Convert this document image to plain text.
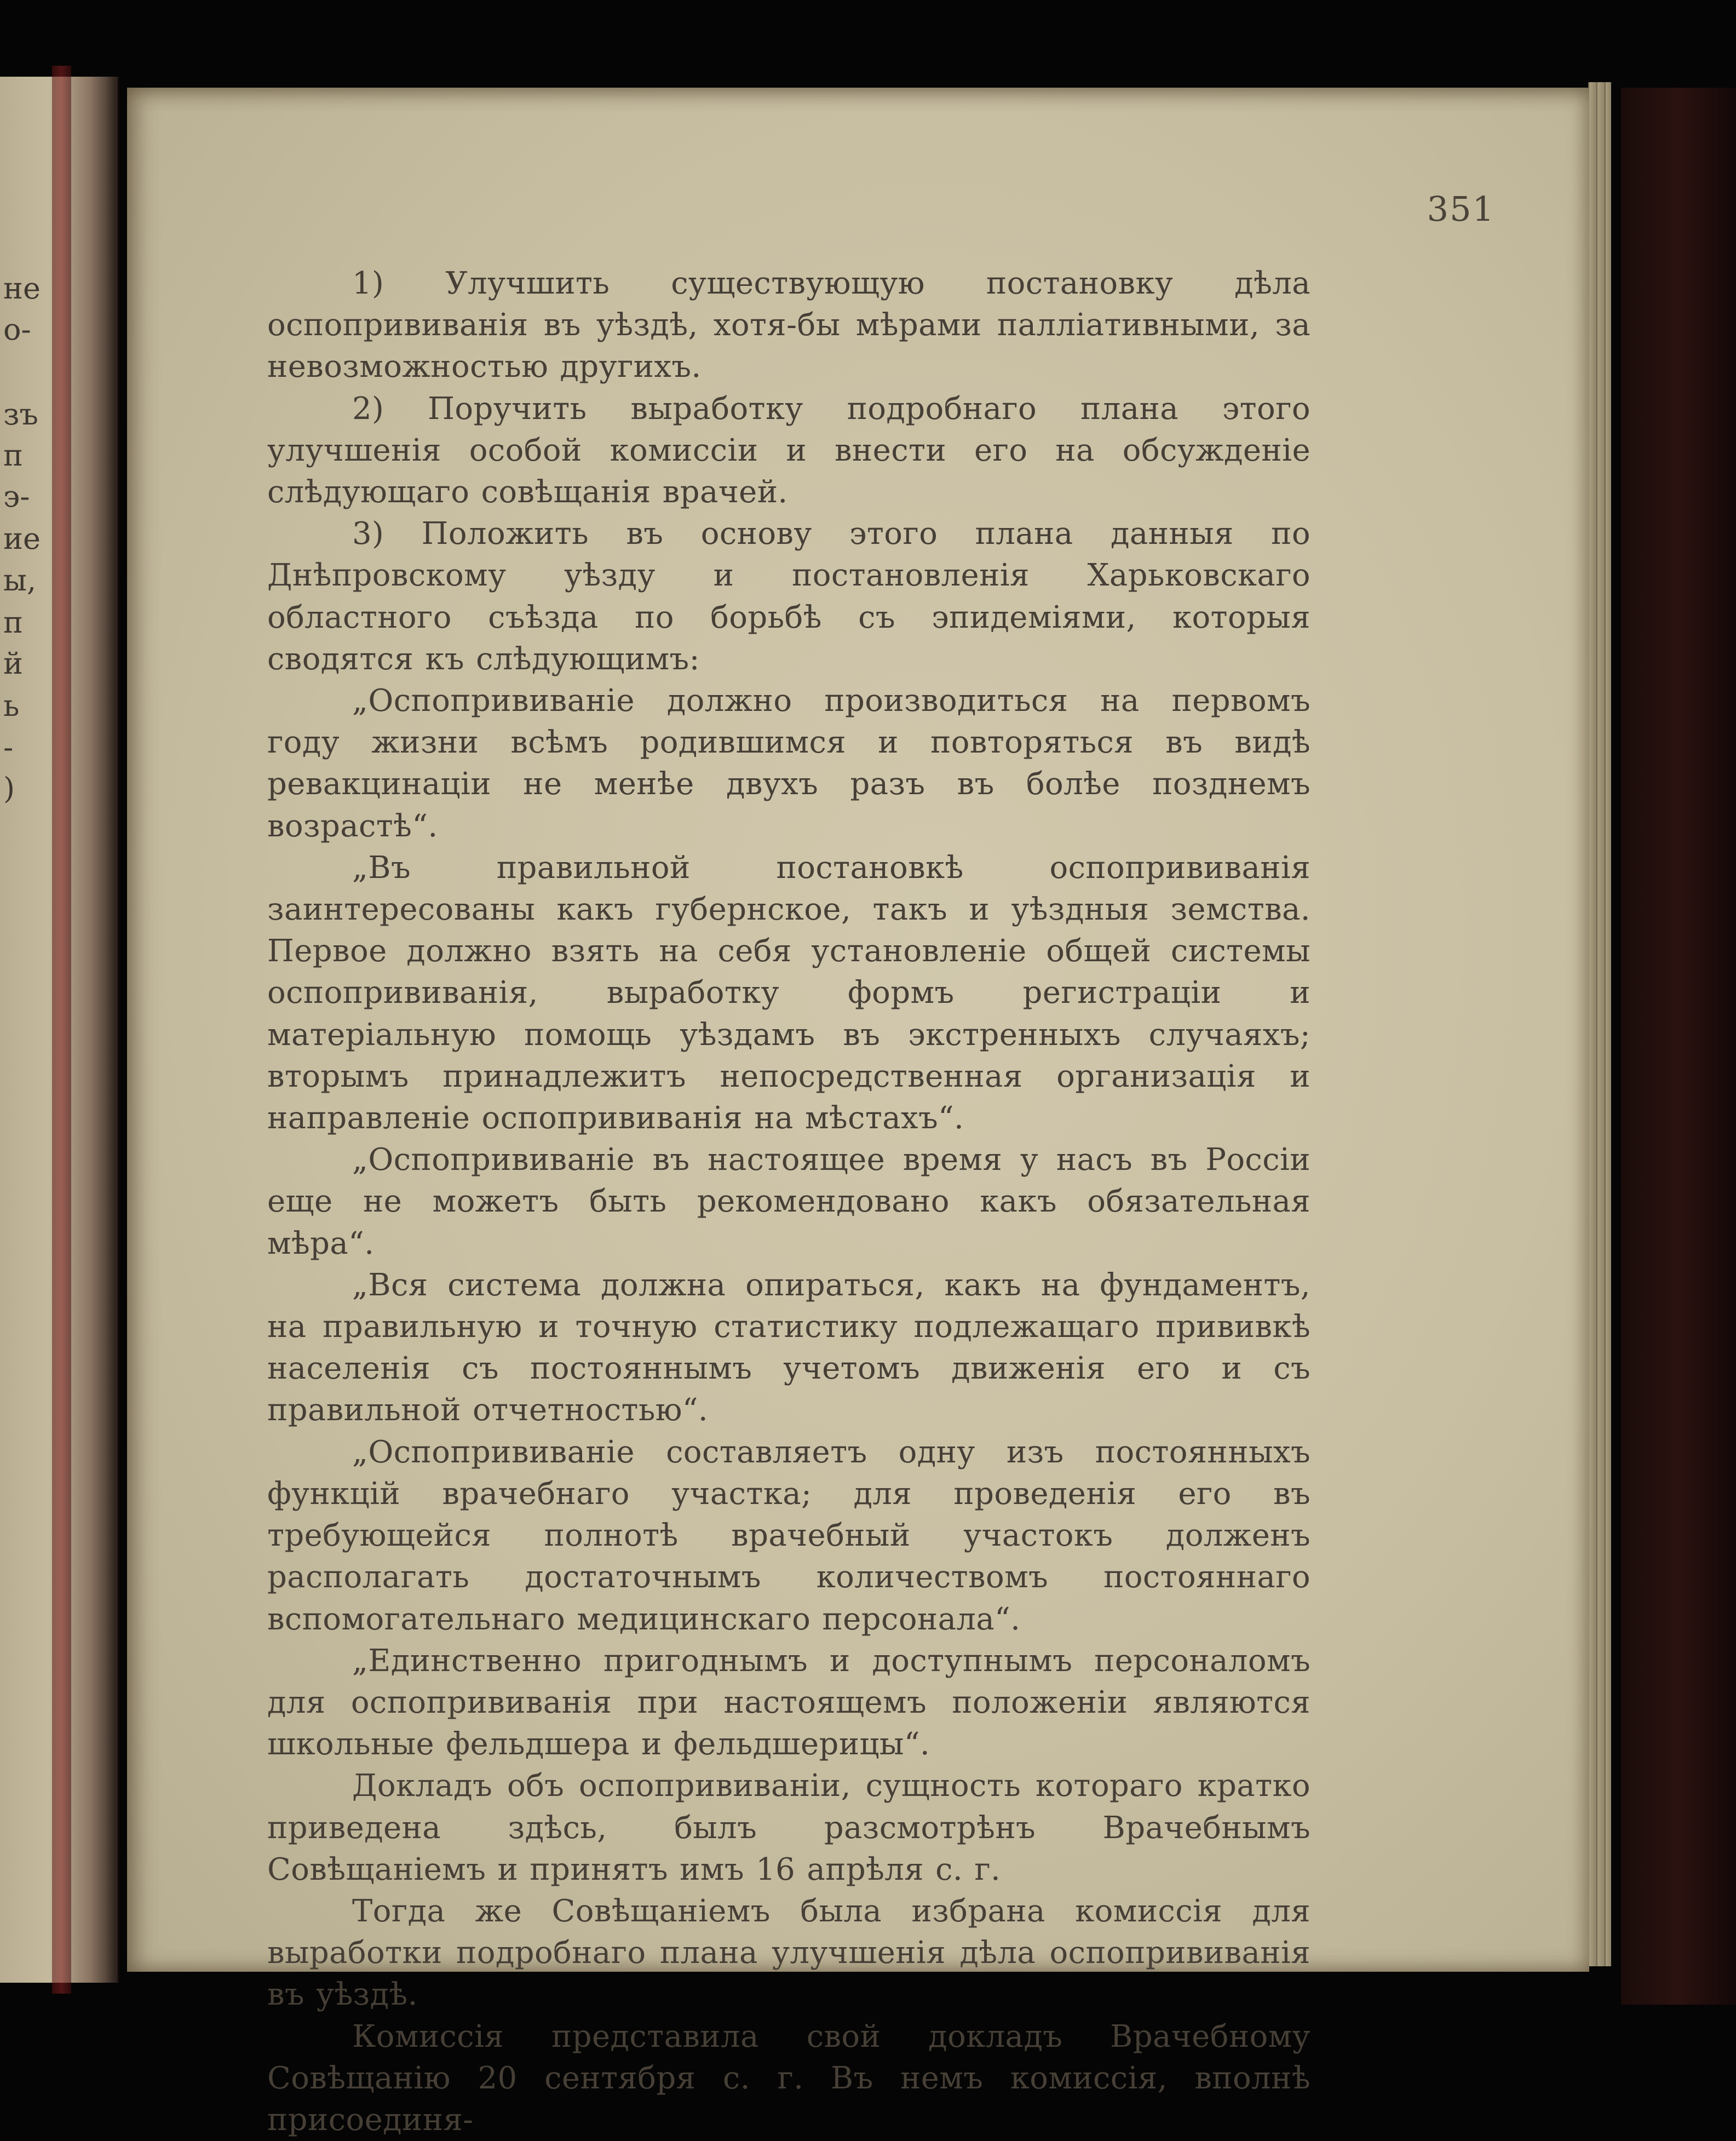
не
о-
зъ
п
э-
ие
ы,
п
й
ь
-
)
351

1) Улучшить существующую постановку дѣла оспопрививанія въ уѣздѣ, хотя-бы мѣрами палліативными, за невозможностью другихъ.

2) Поручить выработку подробнаго плана этого улучшенія особой комиссіи и внести его на обсужденіе слѣдующаго совѣщанія врачей.

3) Положить въ основу этого плана данныя по Днѣпровскому уѣзду и постановленія Харьковскаго областного съѣзда по борьбѣ съ эпидеміями, которыя сводятся къ слѣдующимъ:

„Оспопрививаніе должно производиться на первомъ году жизни всѣмъ родившимся и повторяться въ видѣ ревакцинаціи не менѣе двухъ разъ въ болѣе позднемъ возрастѣ“.

„Въ правильной постановкѣ оспопрививанія заинтересованы какъ губернское, такъ и уѣздныя земства. Первое должно взять на себя установленіе общей системы оспопрививанія, выработку формъ регистраціи и матеріальную помощь уѣздамъ въ экстренныхъ случаяхъ; вторымъ принадлежитъ непосредственная организація и направленіе оспопрививанія на мѣстахъ“.

„Оспопрививаніе въ настоящее время у насъ въ Россіи еще не можетъ быть рекомендовано какъ обязательная мѣра“.

„Вся система должна опираться, какъ на фундаментъ, на правильную и точную статистику подлежащаго прививкѣ населенія съ постояннымъ учетомъ движенія его и съ правильной отчетностью“.

„Оспопрививаніе составляетъ одну изъ постоянныхъ функцій врачебнаго участка; для проведенія его въ требующейся полнотѣ врачебный участокъ долженъ располагать достаточнымъ количествомъ постояннаго вспомогательнаго медицинскаго персонала“.

„Единственно пригоднымъ и доступнымъ персоналомъ для оспопрививанія при настоящемъ положеніи являются школьные фельдшера и фельдшерицы“.

Докладъ объ оспопрививаніи, сущность котораго кратко приведена здѣсь, былъ разсмотрѣнъ Врачебнымъ Совѣщаніемъ и принятъ имъ 16 апрѣля с. г.

Тогда же Совѣщаніемъ была избрана комиссія для выработки подробнаго плана улучшенія дѣла оспопрививанія въ уѣздѣ.

Комиссія представила свой докладъ Врачебному Совѣщанію 20 сентября с. г. Въ немъ комиссія, вполнѣ присоединя-
